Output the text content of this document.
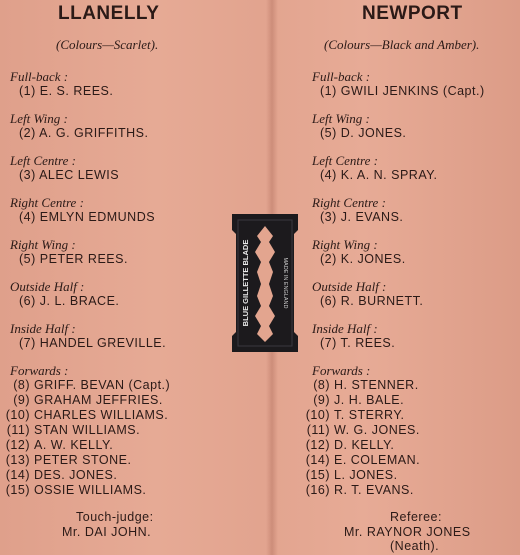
LLANELLY
(Colours—Scarlet).
Full-back :
(1) E. S. REES.
Left Wing :
(2) A. G. GRIFFITHS.
Left Centre :
(3) ALEC LEWIS
Right Centre :
(4) EMLYN EDMUNDS
Right Wing :
(5) PETER REES.
Outside Half :
(6) J. L. BRACE.
Inside Half :
(7) HANDEL GREVILLE.
Forwards :
(8) GRIFF. BEVAN (Capt.)
(9) GRAHAM JEFFRIES.
(10) CHARLES WILLIAMS.
(11) STAN WILLIAMS.
(12) A. W. KELLY.
(13) PETER STONE.
(14) DES. JONES.
(15) OSSIE WILLIAMS.
Touch-judge:
Mr. DAI JOHN.
NEWPORT
(Colours—Black and Amber).
Full-back :
(1) GWILI JENKINS (Capt.)
Left Wing :
(5) D. JONES.
Left Centre :
(4) K. A. N. SPRAY.
Right Centre :
(3) J. EVANS.
Right Wing :
(2) K. JONES.
Outside Half :
(6) R. BURNETT.
Inside Half :
(7) T. REES.
Forwards :
(8) H. STENNER.
(9) J. H. BALE.
(10) T. STERRY.
(11) W. G. JONES.
(12) D. KELLY.
(14) E. COLEMAN.
(15) L. JONES.
(16) R. T. EVANS.
Referee:
Mr. RAYNOR JONES
(Neath).
BLUE GILLETTE BLADE	MADE IN ENGLAND
